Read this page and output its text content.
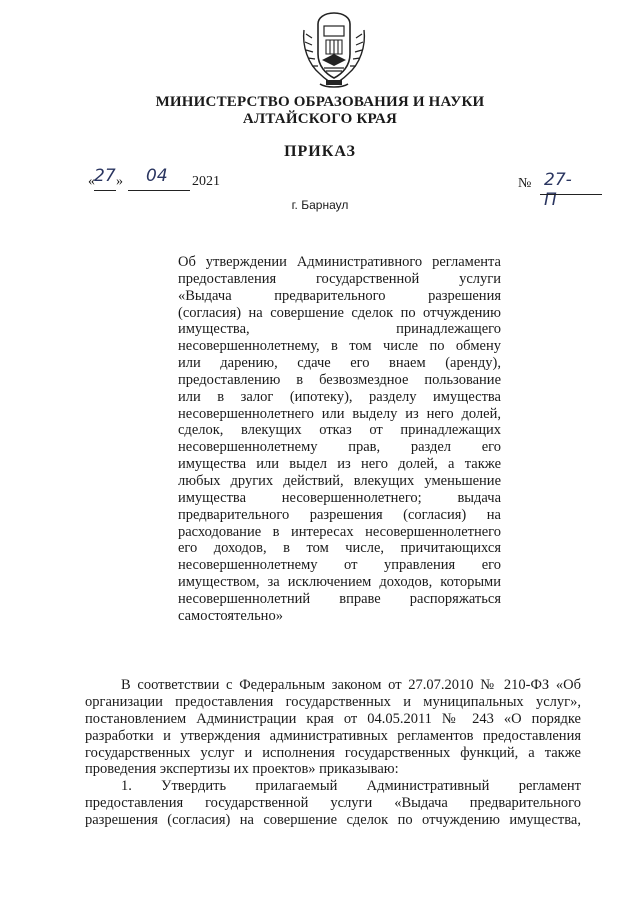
МИНИСТЕРСТВО ОБРАЗОВАНИЯ И НАУКИ
АЛТАЙСКОГО КРАЯ
ПРИКАЗ
« 27 » 04 2021	№ 27-П
г. Барнаул
Об утверждении Административного регламента
предоставления государственной услуги
«Выдача предварительного разрешения
(согласия) на совершение сделок по отчуждению
имущества, принадлежащего
несовершеннолетнему, в том числе по обмену
или дарению, сдаче его внаем (аренду),
предоставлению в безвозмездное пользование
или в залог (ипотеку), разделу имущества
несовершеннолетнего или выделу из него долей,
сделок, влекущих отказ от принадлежащих
несовершеннолетнему прав, раздел его
имущества или выдел из него долей, а также
любых других действий, влекущих уменьшение
имущества несовершеннолетнего; выдача
предварительного разрешения (согласия) на
расходование в интересах несовершеннолетнего
его доходов, в том числе, причитающихся
несовершеннолетнему от управления его
имуществом, за исключением доходов, которыми
несовершеннолетний вправе распоряжаться
самостоятельно»
В соответствии с Федеральным законом от 27.07.2010 № 210-ФЗ «Об
организации предоставления государственных и муниципальных услуг»,
постановлением Администрации края от 04.05.2011 № 243 «О порядке
разработки и утверждения административных регламентов предоставления
государственных услуг и исполнения государственных функций, а также
проведения экспертизы их проектов» приказываю:
1. Утвердить прилагаемый Административный регламент
предоставления государственной услуги «Выдача предварительного
разрешения (согласия) на совершение сделок по отчуждению имущества,
